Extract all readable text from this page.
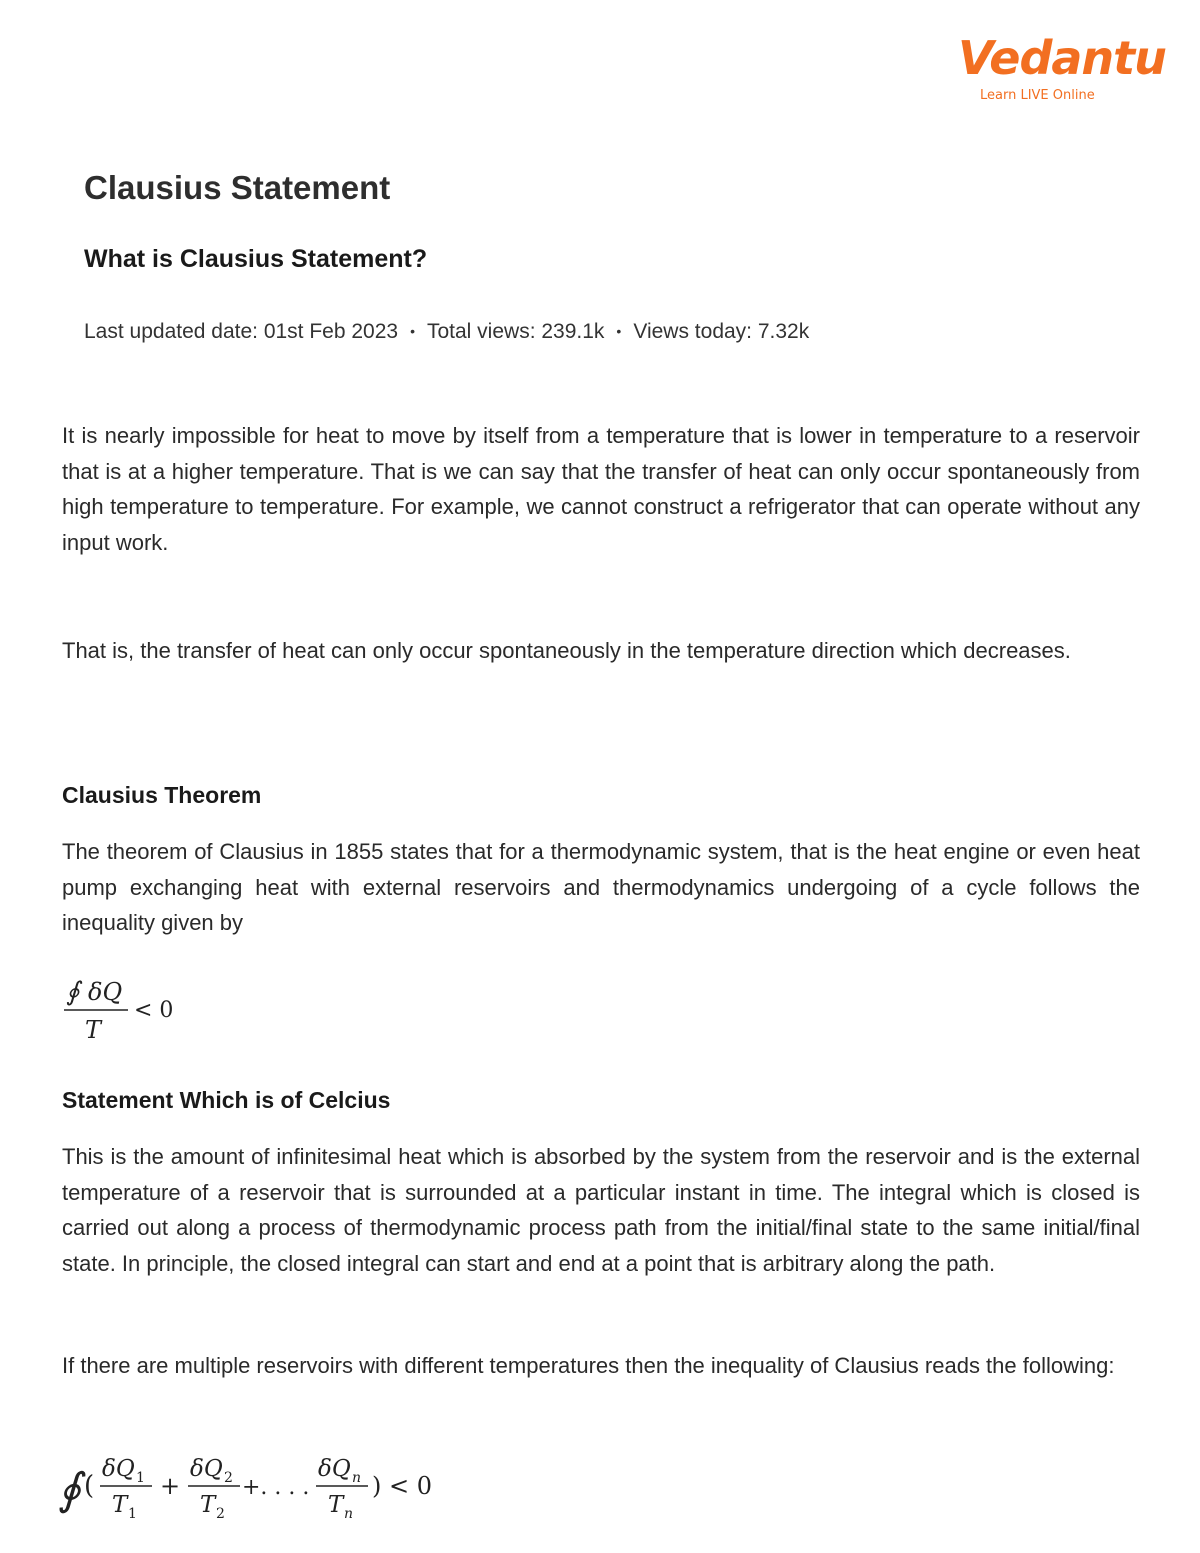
Vedantu
Learn LIVE Online
Clausius Statement
What is Clausius Statement?
Last updated date: 01st Feb 2023 • Total views: 239.1k • Views today: 7.32k

It is nearly impossible for heat to move by itself from a temperature that is lower in temperature to a reservoir that is at a higher temperature. That is we can say that the transfer of heat can only occur spontaneously from high temperature to temperature. For example, we cannot construct a refrigerator that can operate without any input work.

That is, the transfer of heat can only occur spontaneously in the temperature direction which decreases.

Clausius Theorem

The theorem of Clausius in 1855 states that for a thermodynamic system, that is the heat engine or even heat pump exchanging heat with external reservoirs and thermodynamics undergoing of a cycle follows the inequality given by

∮ δQ
T
< 0
Statement Which is of Celcius

This is the amount of infinitesimal heat which is absorbed by the system from the reservoir and is the external temperature of a reservoir that is surrounded at a particular instant in time. The integral which is closed is carried out along a process of thermodynamic process path from the initial/final state to the same initial/final state. In principle, the closed integral can start and end at a point that is arbitrary along the path.

If there are multiple reservoirs with different temperatures then the inequality of Clausius reads the following:

∮ (
δQ 1
T 1
+
δQ 2
T 2
+. . . .
δQ n
T n
) < 0
